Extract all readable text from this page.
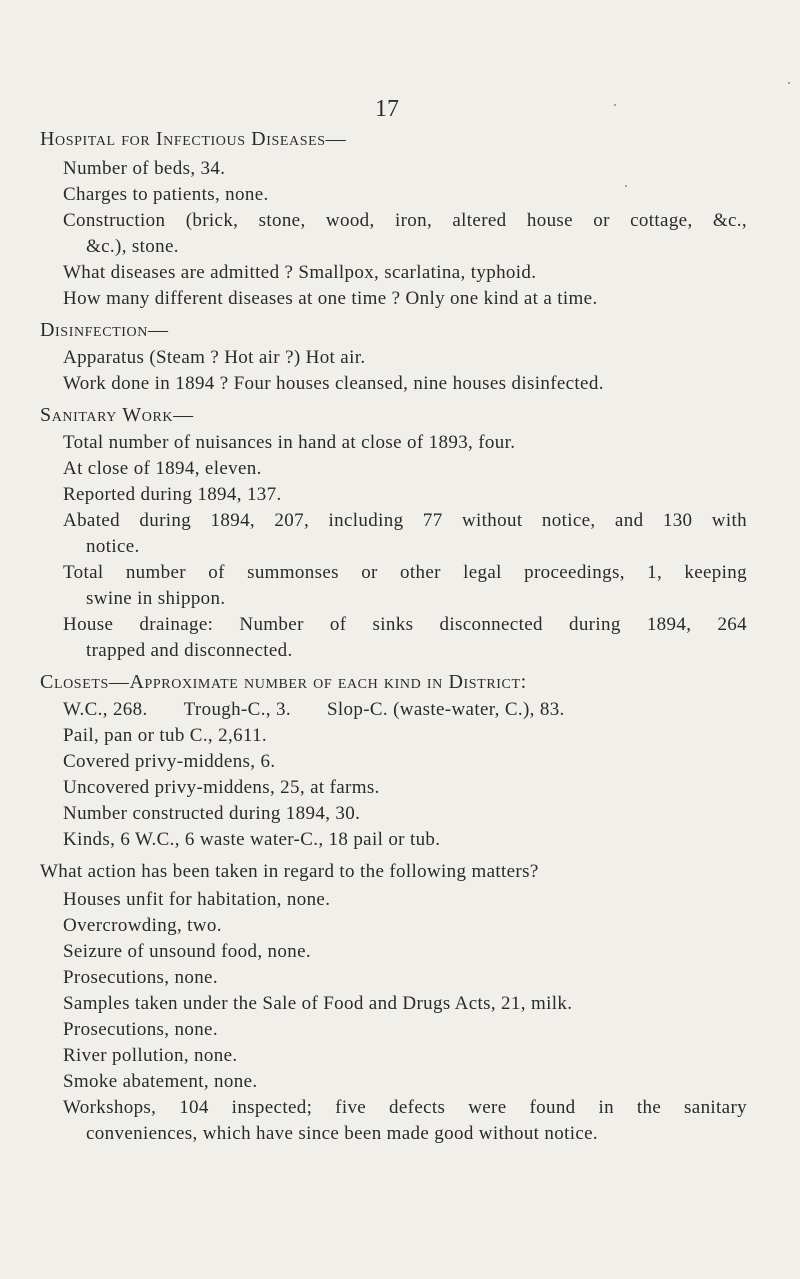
17
Hospital for Infectious Diseases—
Number of beds, 34.
Charges to patients, none.
Construction (brick, stone, wood, iron, altered house or cottage, &c.,
&c.), stone.
What diseases are admitted ? Smallpox, scarlatina, typhoid.
How many different diseases at one time ? Only one kind at a time.
Disinfection—
Apparatus (Steam ? Hot air ?) Hot air.
Work done in 1894 ? Four houses cleansed, nine houses disinfected.
Sanitary Work—
Total number of nuisances in hand at close of 1893, four.
At close of 1894, eleven.
Reported during 1894, 137.
Abated during 1894, 207, including 77 without notice, and 130 with
notice.
Total number of summonses or other legal proceedings, 1, keeping
swine in shippon.
House drainage: Number of sinks disconnected during 1894, 264
trapped and disconnected.
Closets—Approximate number of each kind in District:
W.C., 268. Trough-C., 3. Slop-C. (waste-water, C.), 83.
Pail, pan or tub C., 2,611.
Covered privy-middens, 6.
Uncovered privy-middens, 25, at farms.
Number constructed during 1894, 30.
Kinds, 6 W.C., 6 waste water-C., 18 pail or tub.
What action has been taken in regard to the following matters?
Houses unfit for habitation, none.
Overcrowding, two.
Seizure of unsound food, none.
Prosecutions, none.
Samples taken under the Sale of Food and Drugs Acts, 21, milk.
Prosecutions, none.
River pollution, none.
Smoke abatement, none.
Workshops, 104 inspected; five defects were found in the sanitary
conveniences, which have since been made good without notice.
